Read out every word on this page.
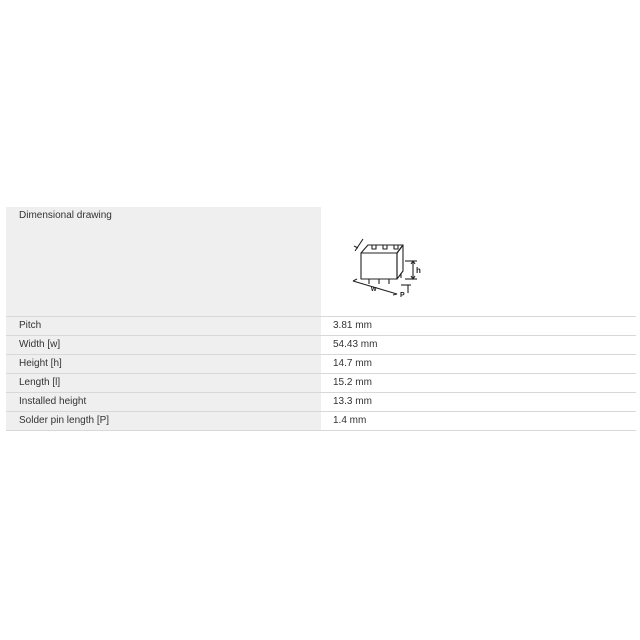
Dimensional drawing
w
h
P
Pitch	3.81 mm
Width [w]	54.43 mm
Height [h]	14.7 mm
Length [l]	15.2 mm
Installed height	13.3 mm
Solder pin length [P]	1.4 mm
